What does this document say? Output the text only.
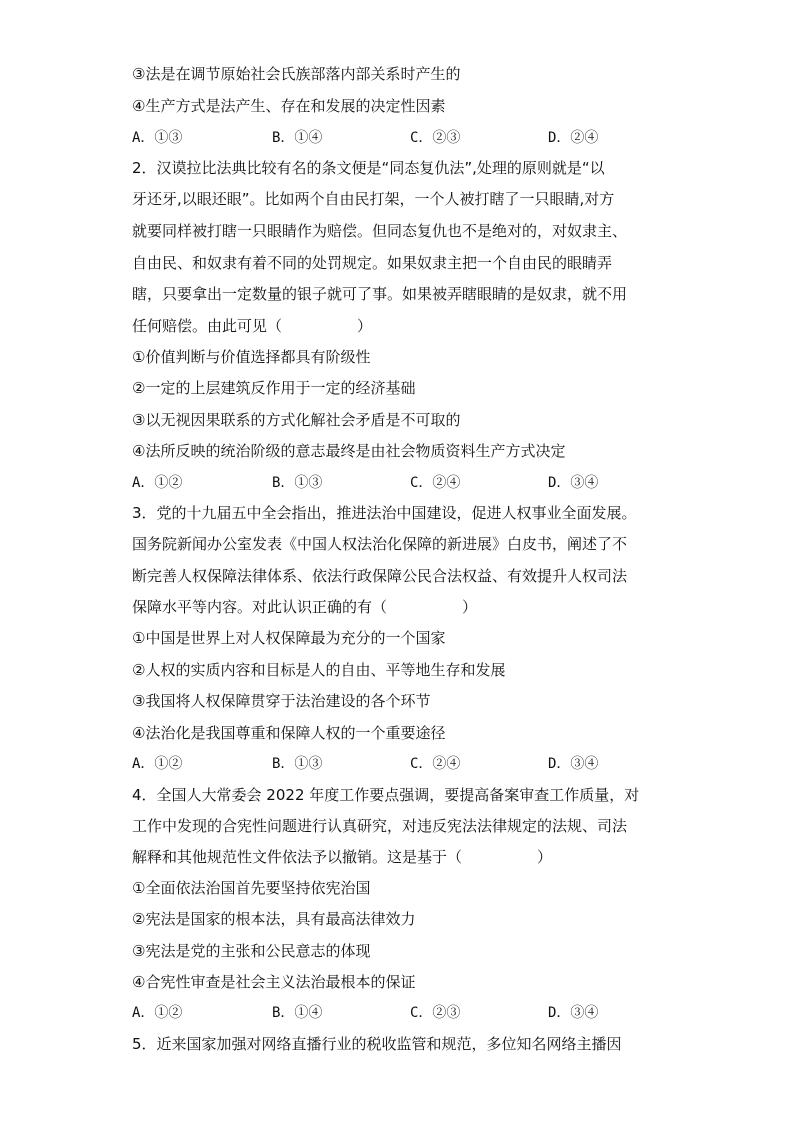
③法是在调节原始社会氏族部落内部关系时产生的
④生产方式是法产生、存在和发展的决定性因素
A．①③	B．①④	C．②③	D．②④
2．汉谟拉比法典比较有名的条文便是“同态复仇法”,处理的原则就是“以
牙还牙,以眼还眼”。比如两个自由民打架，一个人被打瞎了一只眼睛,对方
就要同样被打瞎一只眼睛作为赔偿。但同态复仇也不是绝对的，对奴隶主、
自由民、和奴隶有着不同的处罚规定。如果奴隶主把一个自由民的眼睛弄
瞎，只要拿出一定数量的银子就可了事。如果被弄瞎眼睛的是奴隶，就不用
任何赔偿。由此可见（　　　　　）
①价值判断与价值选择都具有阶级性
②一定的上层建筑反作用于一定的经济基础
③以无视因果联系的方式化解社会矛盾是不可取的
④法所反映的统治阶级的意志最终是由社会物质资料生产方式决定
A．①②	B．①③	C．②④	D．③④
3．党的十九届五中全会指出，推进法治中国建设，促进人权事业全面发展。
国务院新闻办公室发表《中国人权法治化保障的新进展》白皮书，阐述了不
断完善人权保障法律体系、依法行政保障公民合法权益、有效提升人权司法
保障水平等内容。对此认识正确的有（　　　　　）
①中国是世界上对人权保障最为充分的一个国家
②人权的实质内容和目标是人的自由、平等地生存和发展
③我国将人权保障贯穿于法治建设的各个环节
④法治化是我国尊重和保障人权的一个重要途径
A．①②	B．①③	C．②④	D．③④
4．全国人大常委会 2022 年度工作要点强调，要提高备案审查工作质量，对
工作中发现的合宪性问题进行认真研究，对违反宪法法律规定的法规、司法
解释和其他规范性文件依法予以撤销。这是基于（　　　　　）
①全面依法治国首先要坚持依宪治国
②宪法是国家的根本法，具有最高法律效力
③宪法是党的主张和公民意志的体现
④合宪性审查是社会主义法治最根本的保证
A．①②	B．①④	C．②③	D．③④
5．近来国家加强对网络直播行业的税收监管和规范，多位知名网络主播因
